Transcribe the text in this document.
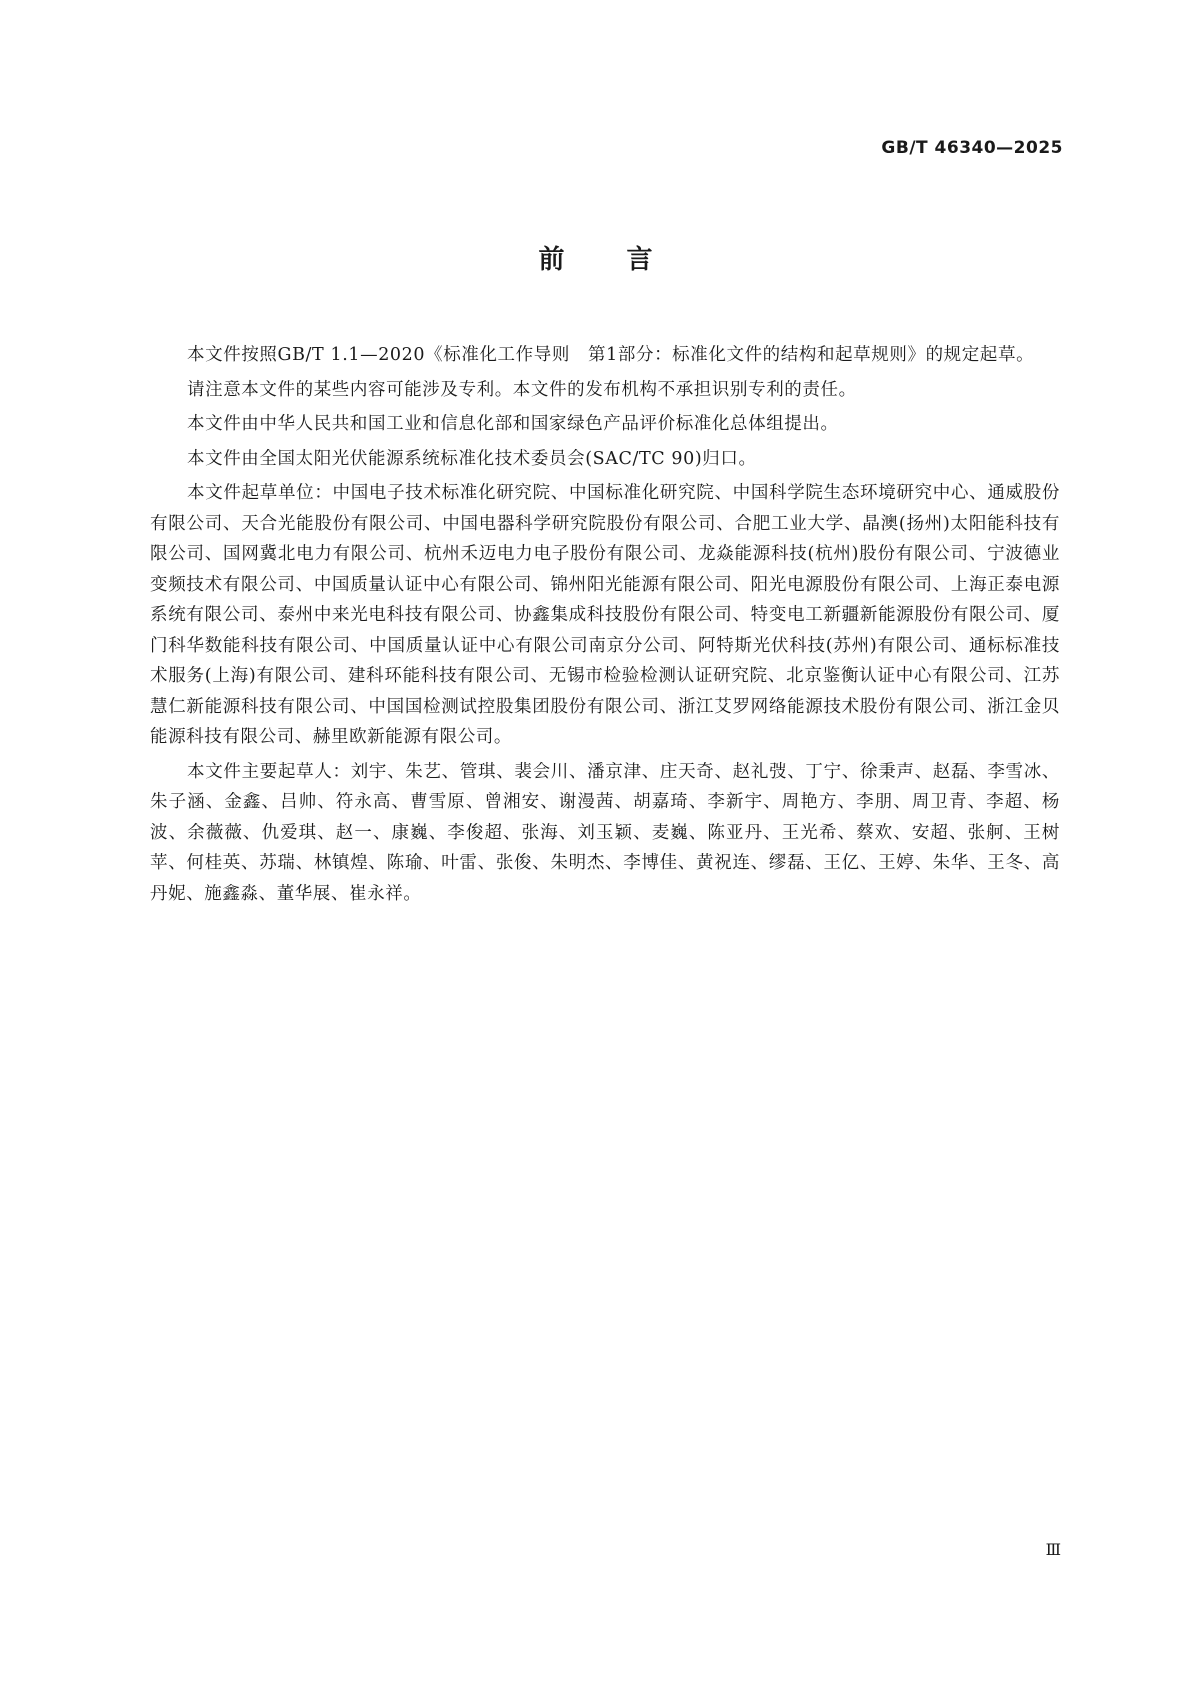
GB/T 46340—2025
前言

本文件按照GB/T 1.1—2020《标准化工作导则　第1部分：标准化文件的结构和起草规则》的规定起草。

请注意本文件的某些内容可能涉及专利。本文件的发布机构不承担识别专利的责任。

本文件由中华人民共和国工业和信息化部和国家绿色产品评价标准化总体组提出。

本文件由全国太阳光伏能源系统标准化技术委员会(SAC/TC 90)归口。

本文件起草单位：中国电子技术标准化研究院、中国标准化研究院、中国科学院生态环境研究中心、通威股份有限公司、天合光能股份有限公司、中国电器科学研究院股份有限公司、合肥工业大学、晶澳(扬州)太阳能科技有限公司、国网冀北电力有限公司、杭州禾迈电力电子股份有限公司、龙焱能源科技(杭州)股份有限公司、宁波德业变频技术有限公司、中国质量认证中心有限公司、锦州阳光能源有限公司、阳光电源股份有限公司、上海正泰电源系统有限公司、泰州中来光电科技有限公司、协鑫集成科技股份有限公司、特变电工新疆新能源股份有限公司、厦门科华数能科技有限公司、中国质量认证中心有限公司南京分公司、阿特斯光伏科技(苏州)有限公司、通标标准技术服务(上海)有限公司、建科环能科技有限公司、无锡市检验检测认证研究院、北京鉴衡认证中心有限公司、江苏慧仁新能源科技有限公司、中国国检测试控股集团股份有限公司、浙江艾罗网络能源技术股份有限公司、浙江金贝能源科技有限公司、赫里欧新能源有限公司。

本文件主要起草人：刘宇、朱艺、管琪、裴会川、潘京津、庄天奇、赵礼弢、丁宁、徐秉声、赵磊、李雪冰、朱子涵、金鑫、吕帅、符永高、曹雪原、曾湘安、谢漫茜、胡嘉琦、李新宇、周艳方、李朋、周卫青、李超、杨波、余薇薇、仇爱琪、赵一、康巍、李俊超、张海、刘玉颖、麦巍、陈亚丹、王光希、蔡欢、安超、张舸、王树苹、何桂英、苏瑞、林镇煌、陈瑜、叶雷、张俊、朱明杰、李博佳、黄祝连、缪磊、王亿、王婷、朱华、王冬、高丹妮、施鑫淼、董华展、崔永祥。

Ⅲ
